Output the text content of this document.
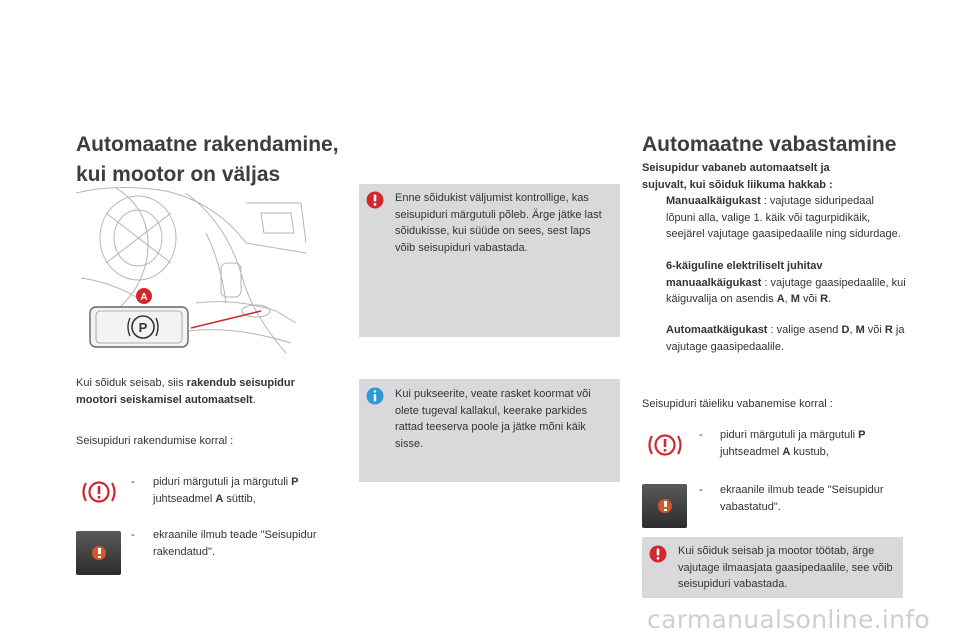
Automaatne rakendamine,
kui mootor on väljas
A
P
Kui sõiduk seisab, siis rakendub seisupidur mootori seiskamisel automaatselt.
Seisupiduri rakendumise korral :
- piduri märgutuli ja märgutuli P juhtseadmel A süttib,
- ekraanile ilmub teade "Seisupidur rakendatud".
Enne sõidukist väljumist kontrollige, kas seisupiduri märgutuli põleb. Ärge jätke last sõidukisse, kui süüde on sees, sest laps võib seisupiduri vabastada.
Kui pukseerite, veate rasket koormat või olete tugeval kallakul, keerake parkides rattad teeserva poole ja jätke mõni käik sisse.
Automaatne vabastamine
Seisupidur vabaneb automaatselt ja sujuvalt, kui sõiduk liikuma hakkab :
Manuaalkäigukast : vajutage siduripedaal lõpuni alla, valige 1. käik või tagurpidikäik, seejärel vajutage gaasipedaalile ning sidurdage.
6-käiguline elektriliselt juhitav manuaalkäigukast : vajutage gaasipedaalile, kui käiguvalija on asendis A, M või R.
Automaatkäigukast : valige asend D, M või R ja vajutage gaasipedaalile.
Seisupiduri täieliku vabanemise korral :
- piduri märgutuli ja märgutuli P juhtseadmel A kustub,
- ekraanile ilmub teade "Seisupidur vabastatud".
Kui sõiduk seisab ja mootor töötab, ärge vajutage ilmaasjata gaasipedaalile, see võib seisupiduri vabastada.
carmanualsonline.info
